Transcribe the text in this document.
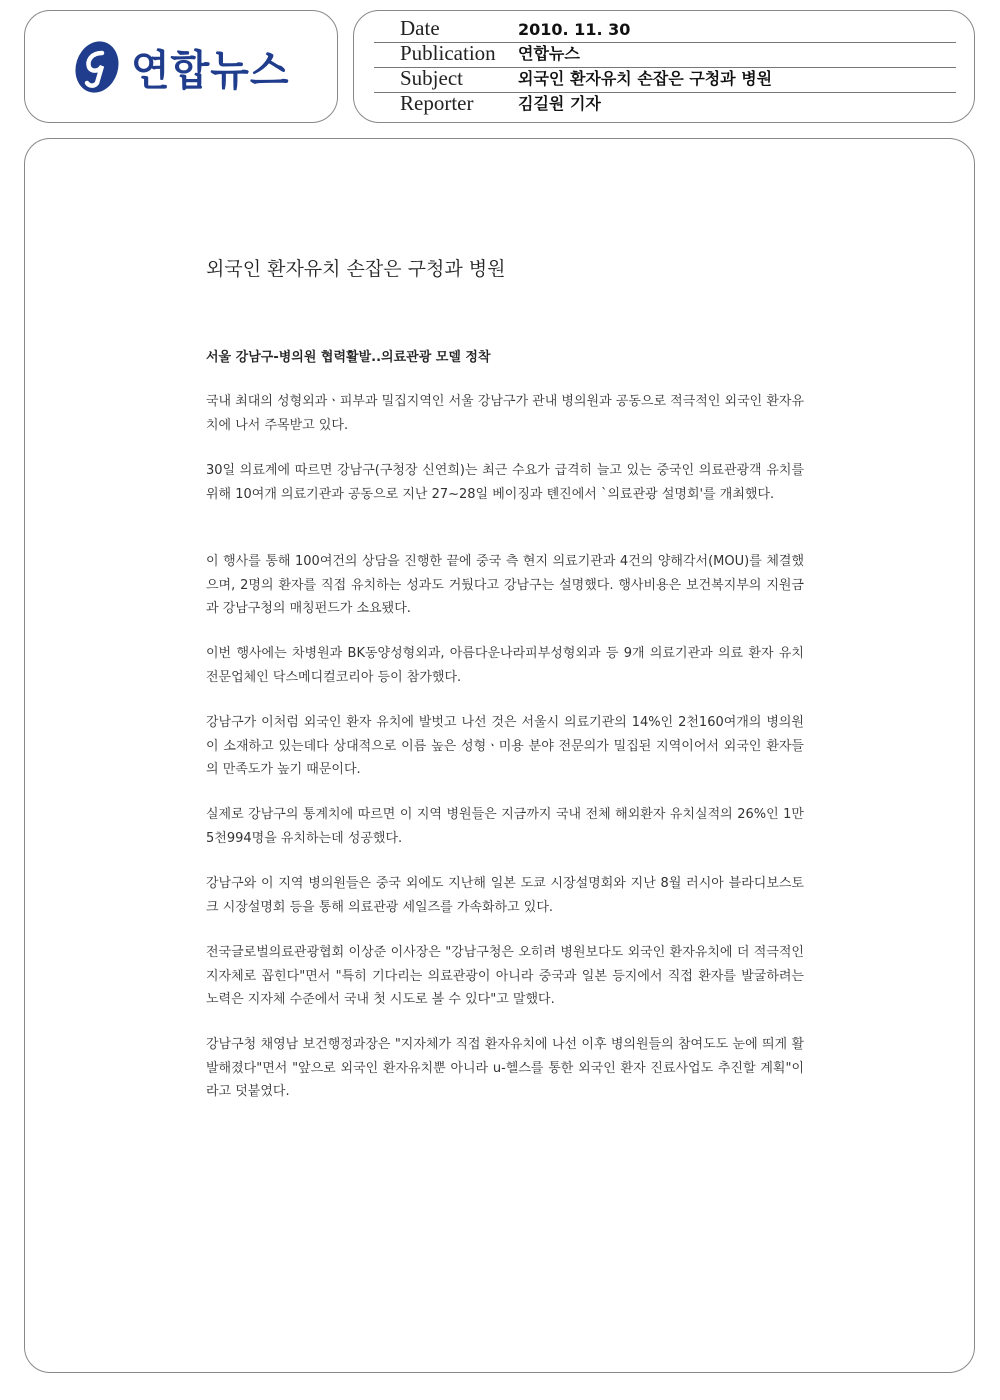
연합뉴스
Date	2010. 11. 30
Publication 연합뉴스
Subject	외국인 환자유치 손잡은 구청과 병원
Reporter	김길원 기자
외국인 환자유치 손잡은 구청과 병원
서울 강남구-병의원 협력활발..의료관광 모델 정착
국내 최대의 성형외과ㆍ피부과 밀집지역인 서울 강남구가 관내 병의원과 공동으로 적극적인 외국인 환자유치에 나서 주목받고 있다.
30일 의료계에 따르면 강남구(구청장 신연희)는 최근 수요가 급격히 늘고 있는 중국인 의료관광객 유치를 위해 10여개 의료기관과 공동으로 지난 27~28일 베이징과 톈진에서 `의료관광 설명회'를 개최했다.
이 행사를 통해 100여건의 상담을 진행한 끝에 중국 측 현지 의료기관과 4건의 양해각서(MOU)를 체결했으며, 2명의 환자를 직접 유치하는 성과도 거뒀다고 강남구는 설명했다. 행사비용은 보건복지부의 지원금과 강남구청의 매칭펀드가 소요됐다.
이번 행사에는 차병원과 BK동양성형외과, 아름다운나라피부성형외과 등 9개 의료기관과 의료 환자 유치 전문업체인 닥스메디컬코리아 등이 참가했다.
강남구가 이처럼 외국인 환자 유치에 발벗고 나선 것은 서울시 의료기관의 14%인 2천160여개의 병의원이 소재하고 있는데다 상대적으로 이름 높은 성형ㆍ미용 분야 전문의가 밀집된 지역이어서 외국인 환자들의 만족도가 높기 때문이다.
실제로 강남구의 통계치에 따르면 이 지역 병원들은 지금까지 국내 전체 해외환자 유치실적의 26%인 1만5천994명을 유치하는데 성공했다.
강남구와 이 지역 병의원들은 중국 외에도 지난해 일본 도쿄 시장설명회와 지난 8월 러시아 블라디보스토크 시장설명회 등을 통해 의료관광 세일즈를 가속화하고 있다.
전국글로벌의료관광협회 이상준 이사장은 "강남구청은 오히려 병원보다도 외국인 환자유치에 더 적극적인 지자체로 꼽힌다"면서 "특히 기다리는 의료관광이 아니라 중국과 일본 등지에서 직접 환자를 발굴하려는 노력은 지자체 수준에서 국내 첫 시도로 볼 수 있다"고 말했다.
강남구청 채영남 보건행정과장은 "지자체가 직접 환자유치에 나선 이후 병의원들의 참여도도 눈에 띄게 활발해졌다"면서 "앞으로 외국인 환자유치뿐 아니라 u-헬스를 통한 외국인 환자 진료사업도 추진할 계획"이라고 덧붙였다.
